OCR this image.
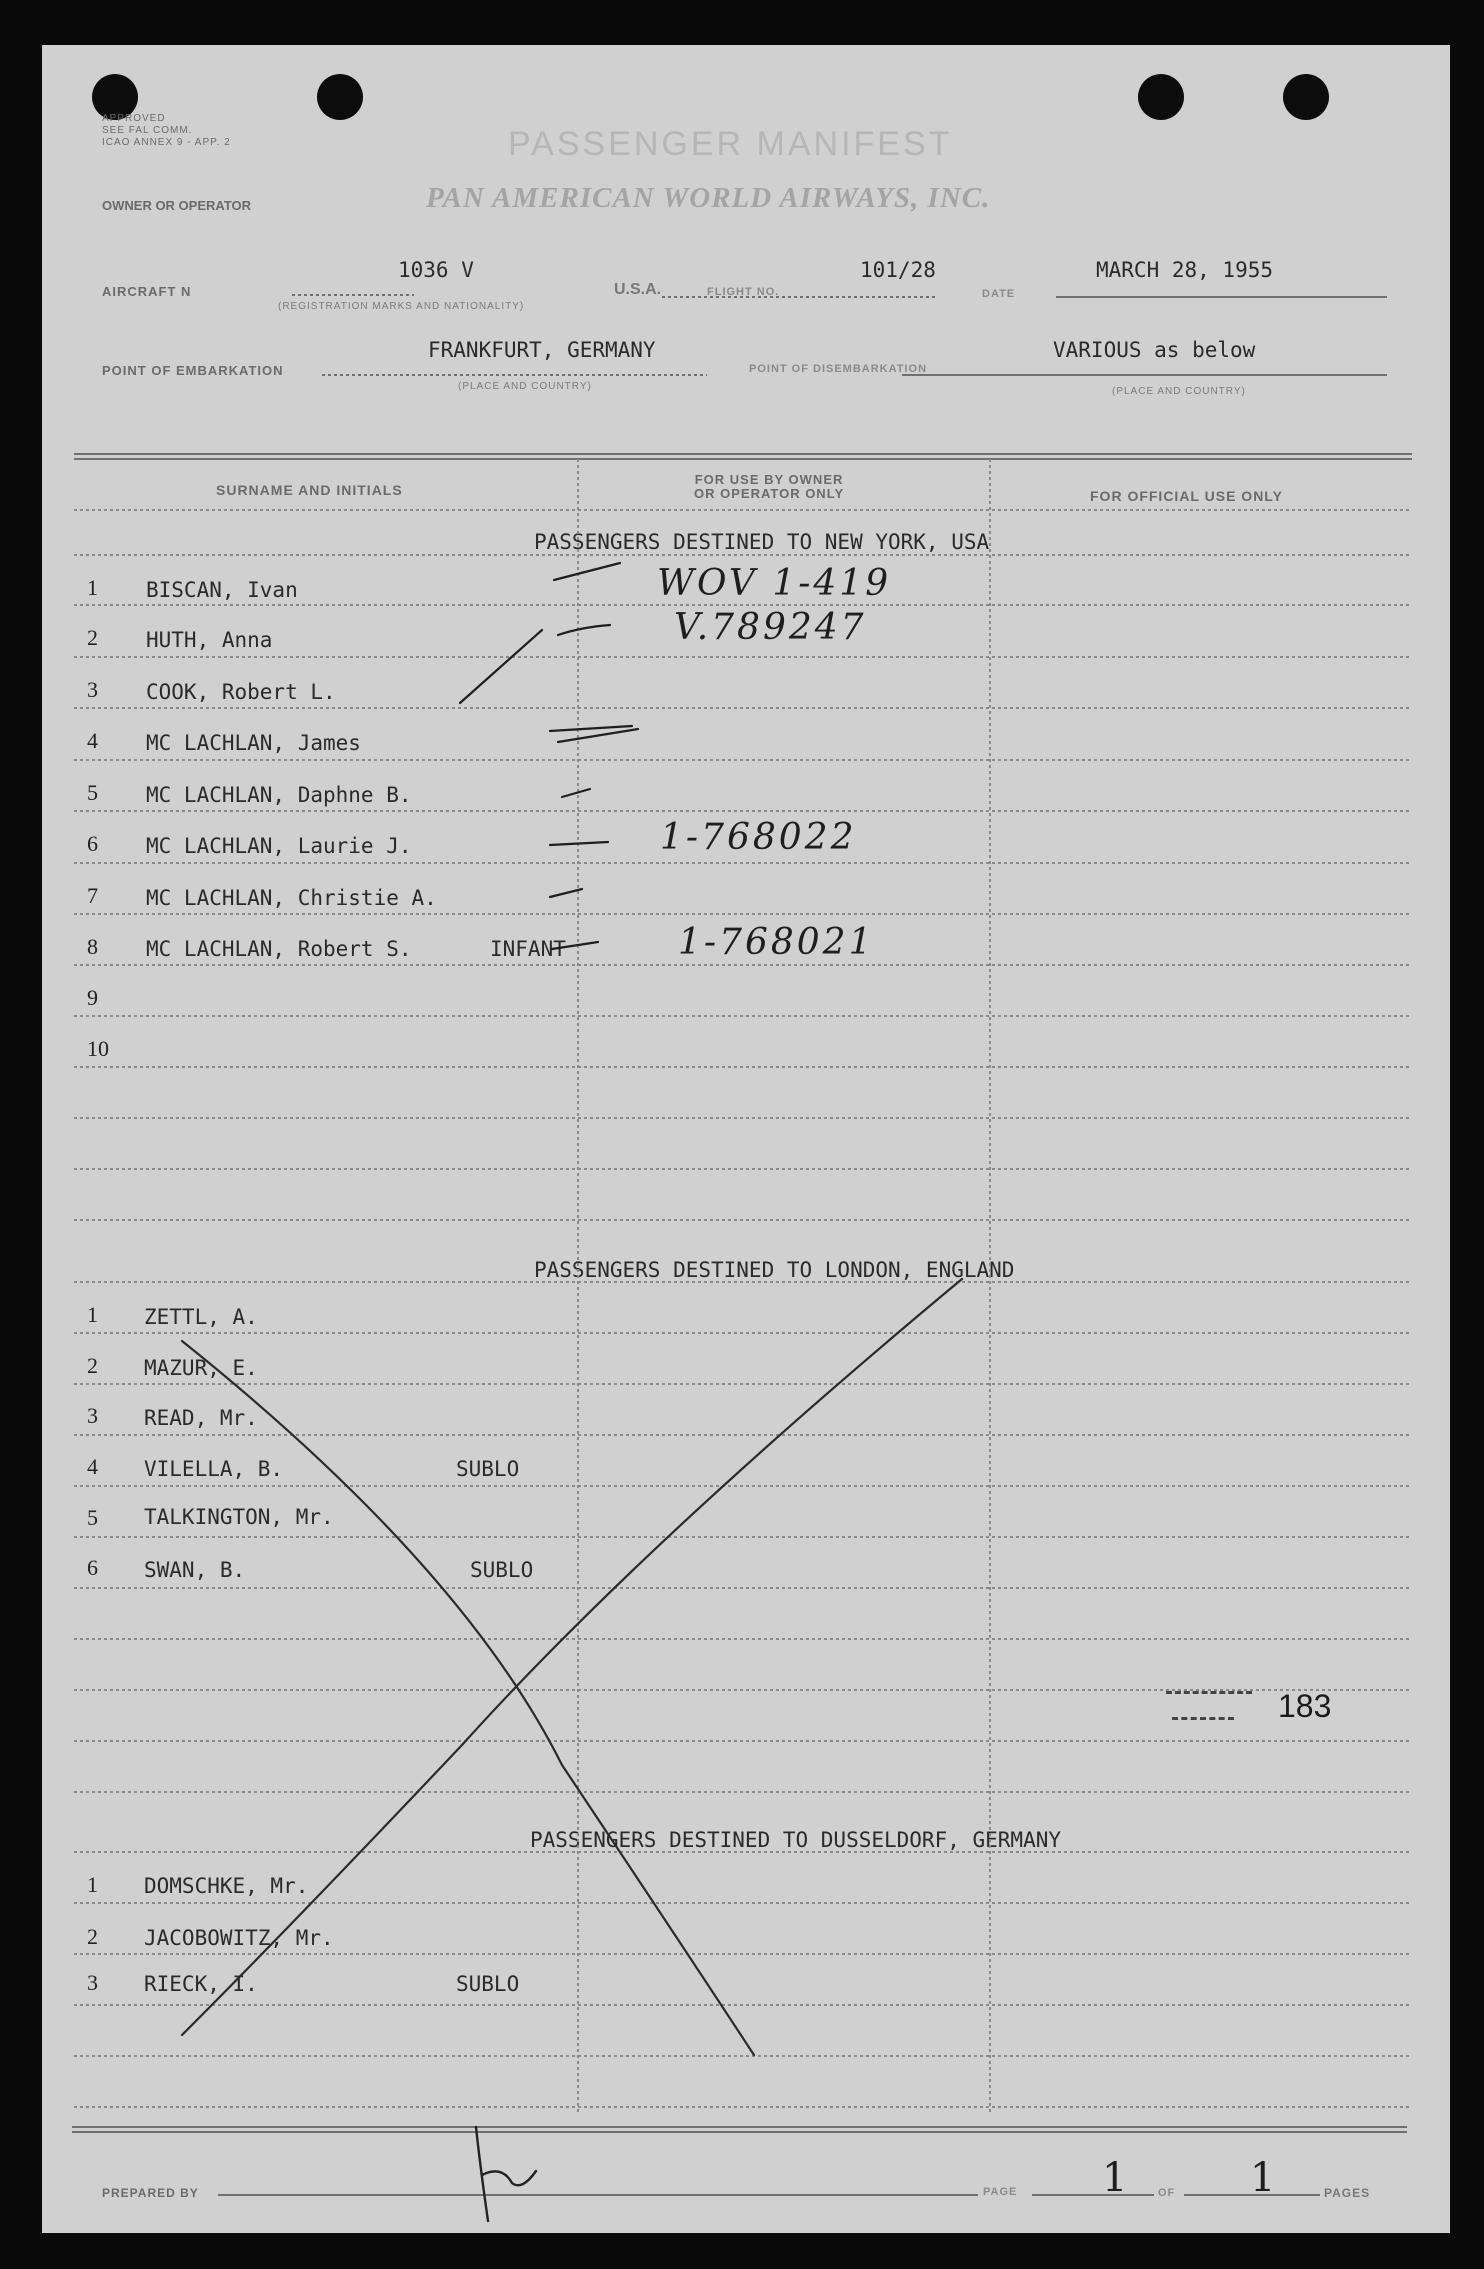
APPROVED
SEE FAL COMM.
ICAO ANNEX 9 - APP. 2	PASSENGER MANIFEST
OWNER OR OPERATOR	PAN AMERICAN WORLD AIRWAYS, INC.
AIRCRAFT N
1036 V
(REGISTRATION MARKS AND NATIONALITY)
U.S.A.	FLIGHT NO.
101/28
DATE
MARCH 28, 1955
POINT OF EMBARKATION
FRANKFURT, GERMANY
(PLACE AND COUNTRY)
POINT OF DISEMBARKATION
VARIOUS as below
(PLACE AND COUNTRY)
SURNAME AND INITIALS
FOR USE BY OWNER
OR OPERATOR ONLY	FOR OFFICIAL USE ONLY
PASSENGERS DESTINED TO NEW YORK, USA
PASSENGERS DESTINED TO LONDON, ENGLAND
PASSENGERS DESTINED TO DUSSELDORF, GERMANY
1 BISCAN, Ivan	WOV 1-419
2 HUTH, Anna	V.789247
3 COOK, Robert L.
4 MC LACHLAN, James
5 MC LACHLAN, Daphne B.
6 MC LACHLAN, Laurie J.	1-768022
7 MC LACHLAN, Christie A.
8 MC LACHLAN, Robert S.	INFANT	1-768021
9
10
1 ZETTL, A.
2 MAZUR, E.
3 READ, Mr.
4 VILELLA, B.	SUBLO
5 TALKINGTON, Mr.
6 SWAN, B.	SUBLO
1 DOMSCHKE, Mr.
2 JACOBOWITZ, Mr.
3 RIECK, I.	SUBLO
183
PREPARED BY	PAGE 1	OF 1	PAGES
